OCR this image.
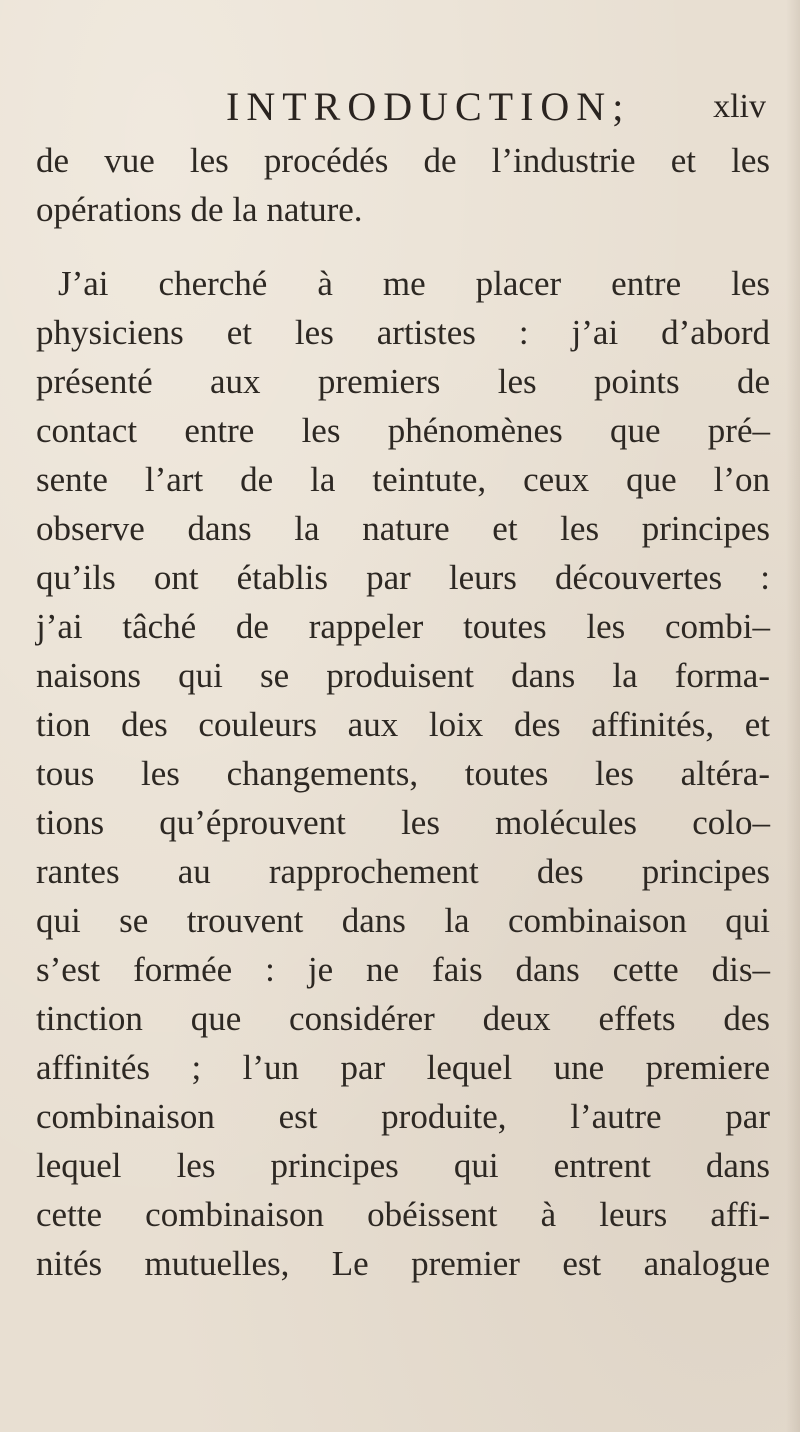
INTRODUCTION; xliv
de vue les procédés de l’industrie et les
opérations de la nature.
J’ai cherché à me placer entre les
physiciens et les artistes : j’ai d’abord
présenté aux premiers les points de
contact entre les phénomènes que pré–
sente l’art de la teintute, ceux que l’on
observe dans la nature et les principes
qu’ils ont établis par leurs découvertes :
j’ai tâché de rappeler toutes les combi–
naisons qui se produisent dans la forma-
tion des couleurs aux loix des affinités, et
tous les changements, toutes les altéra-
tions qu’éprouvent les molécules colo–
rantes au rapprochement des principes
qui se trouvent dans la combinaison qui
s’est formée : je ne fais dans cette dis–
tinction que considérer deux effets des
affinités ; l’un par lequel une premiere
combinaison est produite, l’autre par
lequel les principes qui entrent dans
cette combinaison obéissent à leurs affi-
nités mutuelles, Le premier est analogue
